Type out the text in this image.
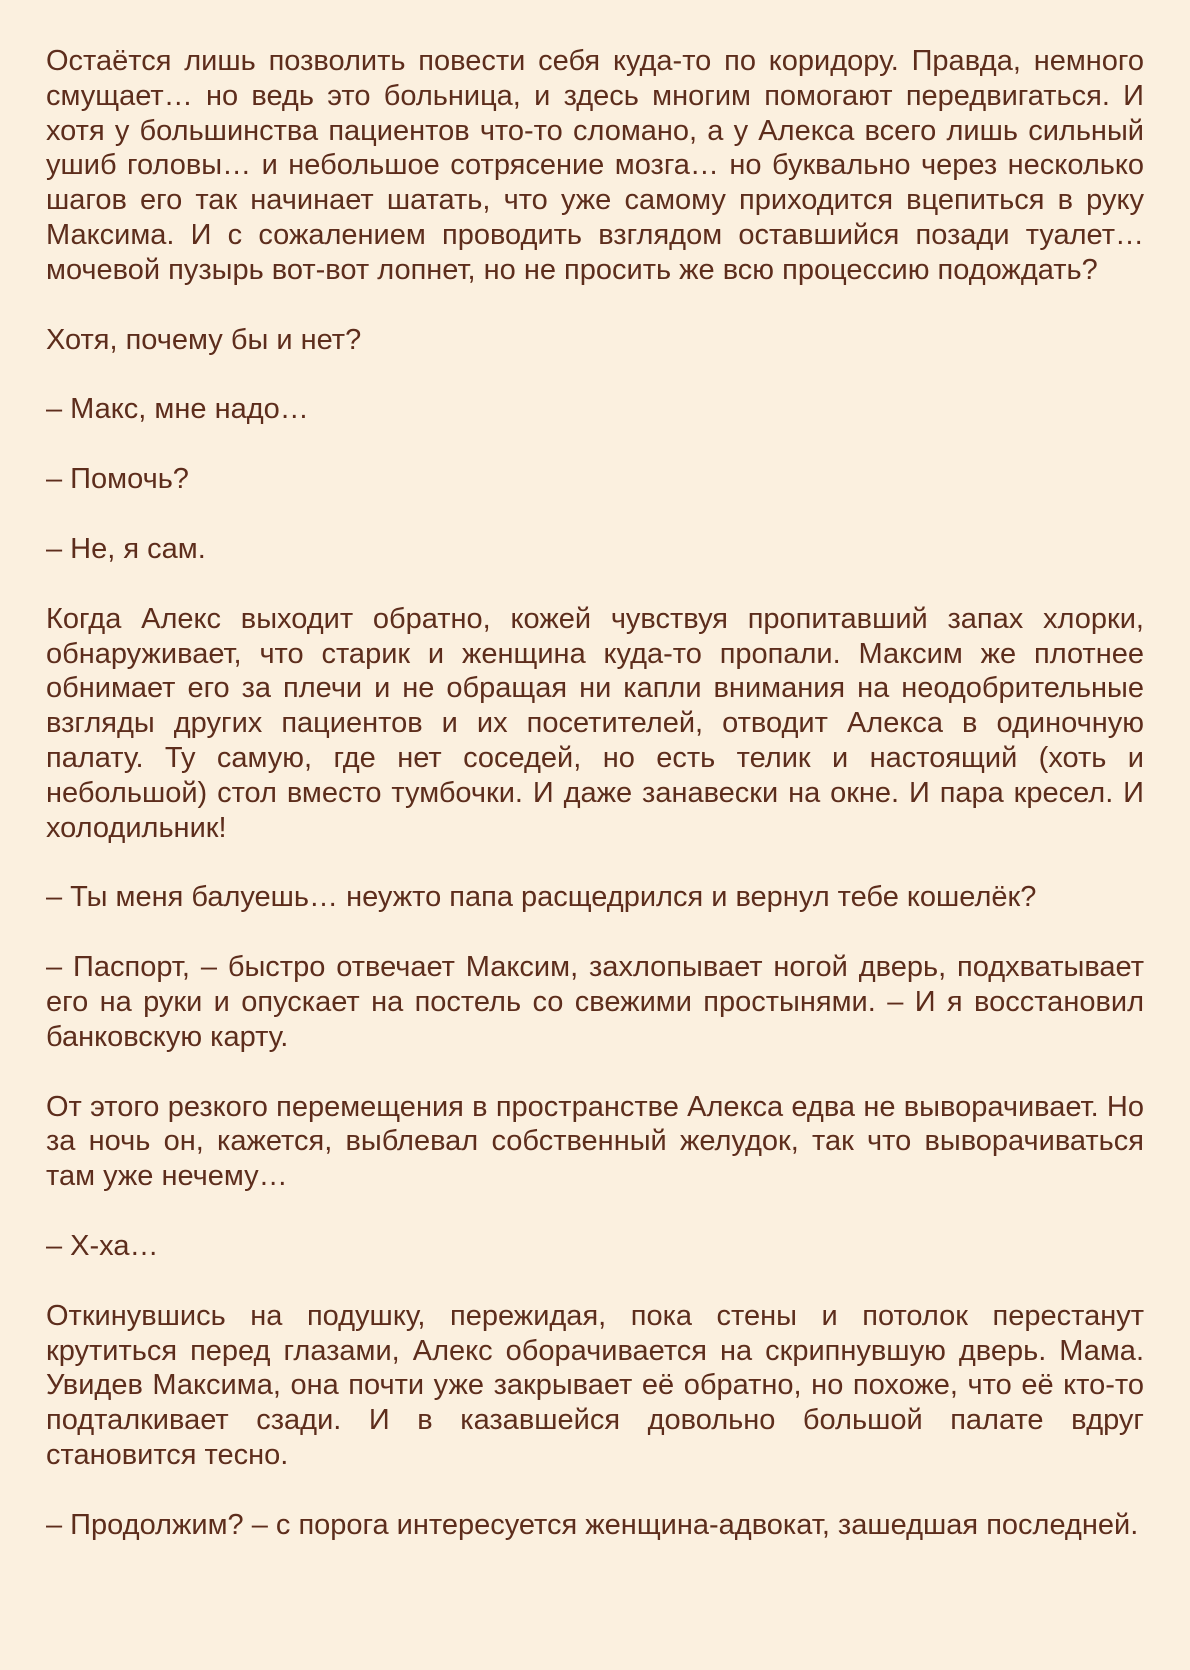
Остаётся лишь позволить повести себя куда-то по коридору. Правда, немного смущает… но ведь это больница, и здесь многим помогают передвигаться. И хотя у большинства пациентов что-то сломано, а у Алекса всего лишь сильный ушиб головы… и небольшое сотрясение мозга… но буквально через несколько шагов его так начинает шатать, что уже самому приходится вцепиться в руку Максима. И с сожалением проводить взглядом оставшийся позади туалет… мочевой пузырь вот-вот лопнет, но не просить же всю процессию подождать?

Хотя, почему бы и нет?

– Макс, мне надо…

– Помочь?

– Не, я сам.

Когда Алекс выходит обратно, кожей чувствуя пропитавший запах хлорки, обнаруживает, что старик и женщина куда-то пропали. Максим же плотнее обнимает его за плечи и не обращая ни капли внимания на неодобрительные взгляды других пациентов и их посетителей, отводит Алекса в одиночную палату. Ту самую, где нет соседей, но есть телик и настоящий (хоть и небольшой) стол вместо тумбочки. И даже занавески на окне. И пара кресел. И холодильник!

– Ты меня балуешь… неужто папа расщедрился и вернул тебе кошелёк?

– Паспорт, – быстро отвечает Максим, захлопывает ногой дверь, подхватывает его на руки и опускает на постель со свежими простынями. – И я восстановил банковскую карту.

От этого резкого перемещения в пространстве Алекса едва не выворачивает. Но за ночь он, кажется, выблевал собственный желудок, так что выворачиваться там уже нечему…

– Х-ха…

Откинувшись на подушку, пережидая, пока стены и потолок перестанут крутиться перед глазами, Алекс оборачивается на скрипнувшую дверь. Мама. Увидев Максима, она почти уже закрывает её обратно, но похоже, что её кто-то подталкивает сзади. И в казавшейся довольно большой палате вдруг становится тесно.

– Продолжим? – с порога интересуется женщина-адвокат, зашедшая последней.
